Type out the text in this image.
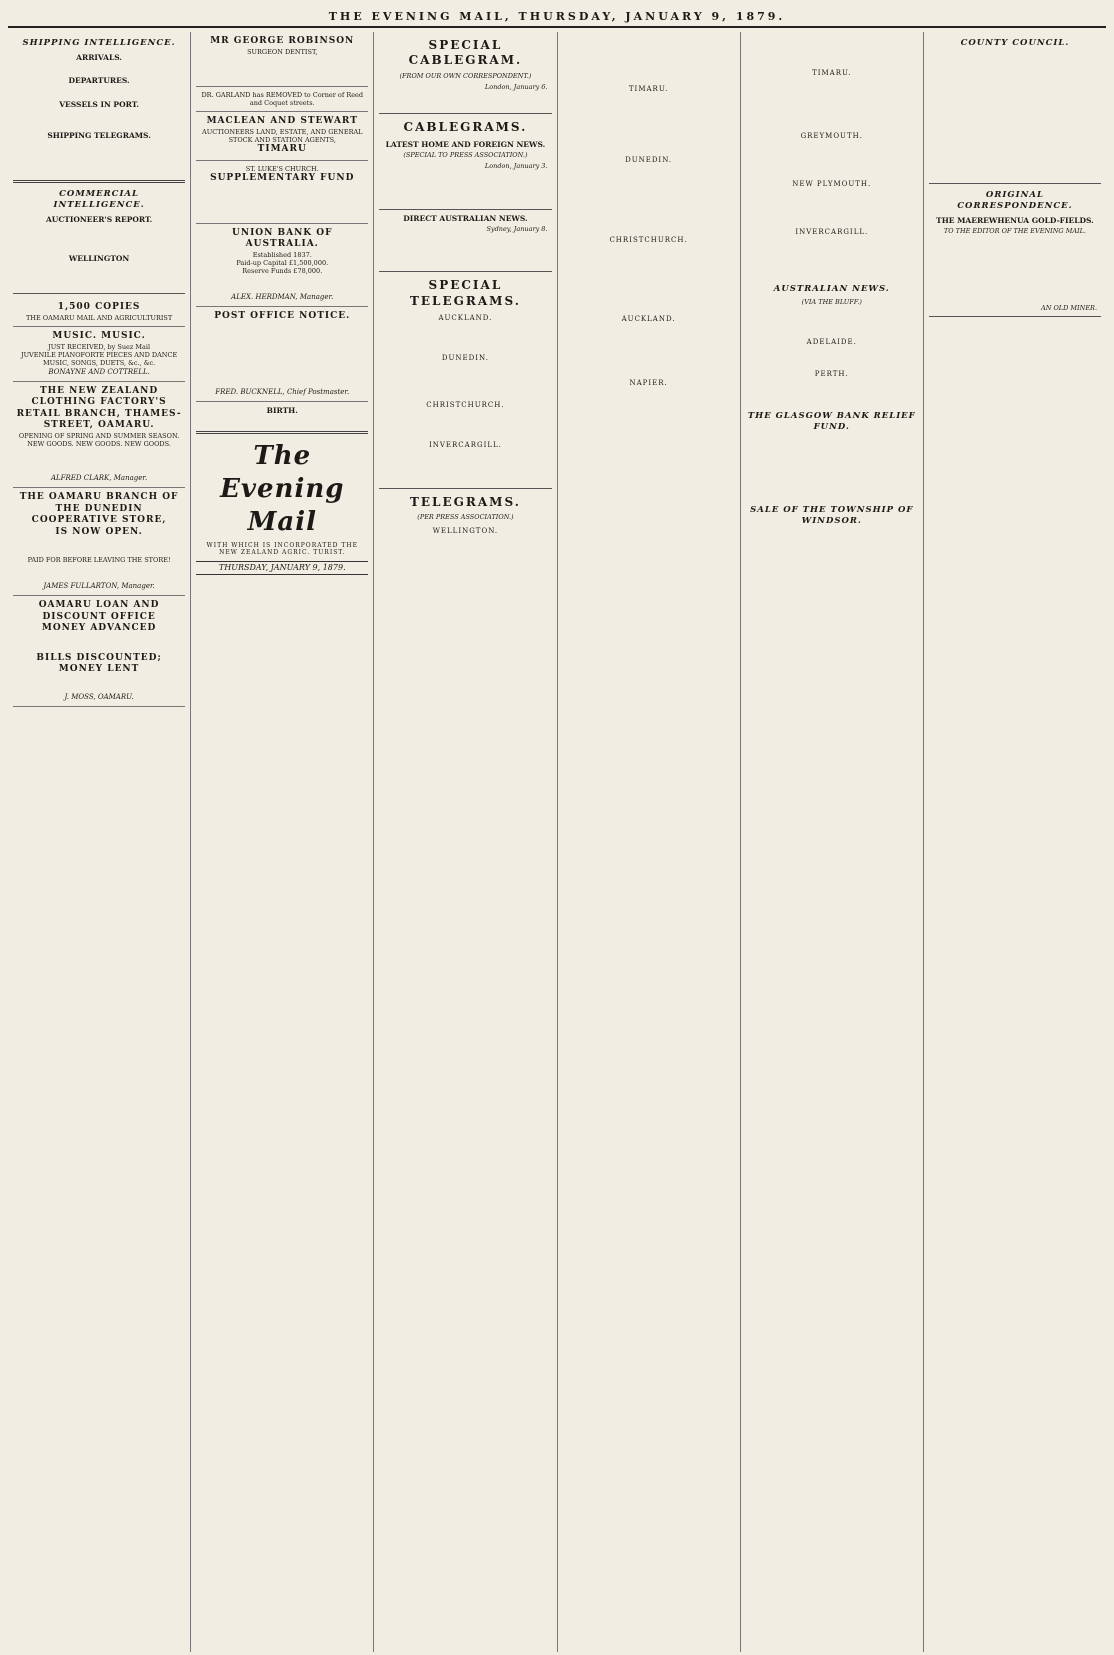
THE EVENING MAIL, THURSDAY, JANUARY 9, 1879.
SHIPPING INTELLIGENCE.
ARRIVALS.

DEPARTURES.

VESSELS IN PORT.

SHIPPING TELEGRAMS.

COMMERCIAL INTELLIGENCE.
AUCTIONEER'S REPORT.

WELLINGTON

1,500 COPIES
THE OAMARU MAIL AND AGRICULTURIST
MUSIC. MUSIC.
JUST RECEIVED, by Suez Mail
JUVENILE PIANOFORTE PIECES AND DANCE MUSIC, SONGS, DUETS, &c., &c.
BONAYNE AND COTTRELL.
THE NEW ZEALAND CLOTHING FACTORY'S RETAIL BRANCH, THAMES-STREET, OAMARU.
OPENING OF SPRING AND SUMMER SEASON. NEW GOODS. NEW GOODS. NEW GOODS.

ALFRED CLARK, Manager.
THE OAMARU BRANCH OF THE DUNEDIN COOPERATIVE STORE,
IS NOW OPEN.

PAID FOR BEFORE LEAVING THE STORE!

JAMES FULLARTON, Manager.
OAMARU LOAN AND DISCOUNT OFFICE
MONEY ADVANCED

BILLS DISCOUNTED;
MONEY LENT

J. MOSS, OAMARU.
MR GEORGE ROBINSON
SURGEON DENTIST,

DR. GARLAND has REMOVED to Corner of Reed and Coquet streets.
MACLEAN AND STEWART
AUCTIONEERS LAND, ESTATE, AND GENERAL STOCK AND STATION AGENTS,
TIMARU
ST. LUKE'S CHURCH.
SUPPLEMENTARY FUND

UNION BANK OF AUSTRALIA.
Established 1837.
Paid-up Capital £1,500,000.
Reserve Funds £78,000.

ALEX. HERDMAN, Manager.
POST OFFICE NOTICE.

FRED. BUCKNELL, Chief Postmaster.
BIRTH.

The Evening Mail
WITH WHICH IS INCORPORATED THE NEW ZEALAND AGRIC. TURIST.
THURSDAY, JANUARY 9, 1879.

SPECIAL CABLEGRAM.
(FROM OUR OWN CORRESPONDENT.)
London, January 6.

CABLEGRAMS.
LATEST HOME AND FOREIGN NEWS.
(SPECIAL TO PRESS ASSOCIATION.)
London, January 3.

DIRECT AUSTRALIAN NEWS.
Sydney, January 8.

SPECIAL TELEGRAMS.
AUCKLAND.

DUNEDIN.

CHRISTCHURCH.

INVERCARGILL.

TELEGRAMS.
(PER PRESS ASSOCIATION.)
WELLINGTON.

TIMARU.

DUNEDIN.

CHRISTCHURCH.

AUCKLAND.

NAPIER.

TIMARU.

GREYMOUTH.

NEW PLYMOUTH.

INVERCARGILL.

AUSTRALIAN NEWS.
(VIA THE BLUFF.)

ADELAIDE.

PERTH.

THE GLASGOW BANK RELIEF FUND.

SALE OF THE TOWNSHIP OF WINDSOR.

COUNTY COUNCIL.

ORIGINAL CORRESPONDENCE.
THE MAEREWHENUA GOLD-FIELDS.
TO THE EDITOR OF THE EVENING MAIL.

AN OLD MINER.
